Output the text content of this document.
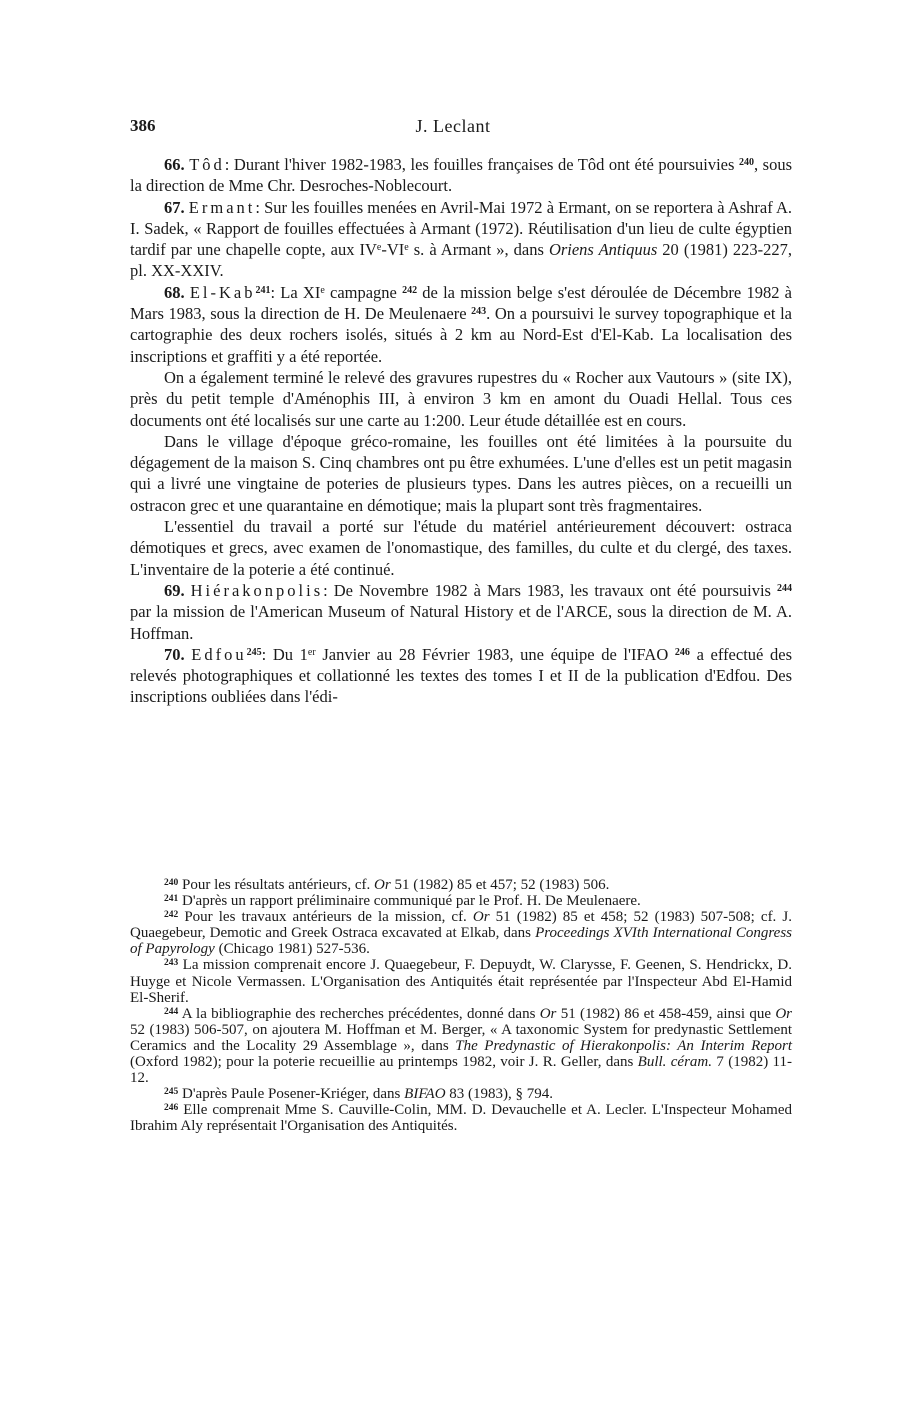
386	J. Leclant

66. Tôd: Durant l'hiver 1982-1983, les fouilles françaises de Tôd ont été poursuivies $^{240}$, sous la direction de Mme Chr. Desroches-Noblecourt.

67. Ermant: Sur les fouilles menées en Avril-Mai 1972 à Ermant, on se reportera à Ashraf A. I. Sadek, « Rapport de fouilles effectuées à Armant (1972). Réutilisation d'un lieu de culte égyptien tardif par une chapelle copte, aux IVe-VIe s. à Armant », dans Oriens Antiquus 20 (1981) 223-227, pl. XX-XXIV.

68. El-Kab$^{241}$: La XIe campagne $^{242}$ de la mission belge s'est déroulée de Décembre 1982 à Mars 1983, sous la direction de H. De Meulenaere $^{243}$. On a poursuivi le survey topographique et la cartographie des deux rochers isolés, situés à 2 km au Nord-Est d'El-Kab. La localisation des inscriptions et graffiti y a été reportée.

On a également terminé le relevé des gravures rupestres du « Rocher aux Vautours » (site IX), près du petit temple d'Aménophis III, à environ 3 km en amont du Ouadi Hellal. Tous ces documents ont été localisés sur une carte au 1:200. Leur étude détaillée est en cours.

Dans le village d'époque gréco-romaine, les fouilles ont été limitées à la poursuite du dégagement de la maison S. Cinq chambres ont pu être exhumées. L'une d'elles est un petit magasin qui a livré une vingtaine de poteries de plusieurs types. Dans les autres pièces, on a recueilli un ostracon grec et une quarantaine en démotique; mais la plupart sont très fragmentaires.

L'essentiel du travail a porté sur l'étude du matériel antérieurement découvert: ostraca démotiques et grecs, avec examen de l'onomastique, des familles, du culte et du clergé, des taxes. L'inventaire de la poterie a été continué.

69. Hiérakonpolis: De Novembre 1982 à Mars 1983, les travaux ont été poursuivis $^{244}$ par la mission de l'American Museum of Natural History et de l'ARCE, sous la direction de M. A. Hoffman.

70. Edfou$^{245}$: Du 1er Janvier au 28 Février 1983, une équipe de l'IFAO $^{246}$ a effectué des relevés photographiques et collationné les textes des tomes I et II de la publication d'Edfou. Des inscriptions oubliées dans l'édi-

$^{240}$ Pour les résultats antérieurs, cf. Or 51 (1982) 85 et 457; 52 (1983) 506.

$^{241}$ D'après un rapport préliminaire communiqué par le Prof. H. De Meulenaere.

$^{242}$ Pour les travaux antérieurs de la mission, cf. Or 51 (1982) 85 et 458; 52 (1983) 507-508; cf. J. Quaegebeur, Demotic and Greek Ostraca excavated at Elkab, dans Proceedings XVIth International Congress of Papyrology (Chicago 1981) 527-536.

$^{243}$ La mission comprenait encore J. Quaegebeur, F. Depuydt, W. Clarysse, F. Geenen, S. Hendrickx, D. Huyge et Nicole Vermassen. L'Organisation des Antiquités était représentée par l'Inspecteur Abd El-Hamid El-Sherif.

$^{244}$ A la bibliographie des recherches précédentes, donné dans Or 51 (1982) 86 et 458-459, ainsi que Or 52 (1983) 506-507, on ajoutera M. Hoffman et M. Berger, « A taxonomic System for predynastic Settlement Ceramics and the Locality 29 Assemblage », dans The Predynastic of Hierakonpolis: An Interim Report (Oxford 1982); pour la poterie recueillie au printemps 1982, voir J. R. Geller, dans Bull. céram. 7 (1982) 11-12.

$^{245}$ D'après Paule Posener-Kriéger, dans BIFAO 83 (1983), § 794.

$^{246}$ Elle comprenait Mme S. Cauville-Colin, MM. D. Devauchelle et A. Lecler. L'Inspecteur Mohamed Ibrahim Aly représentait l'Organisation des Antiquités.
